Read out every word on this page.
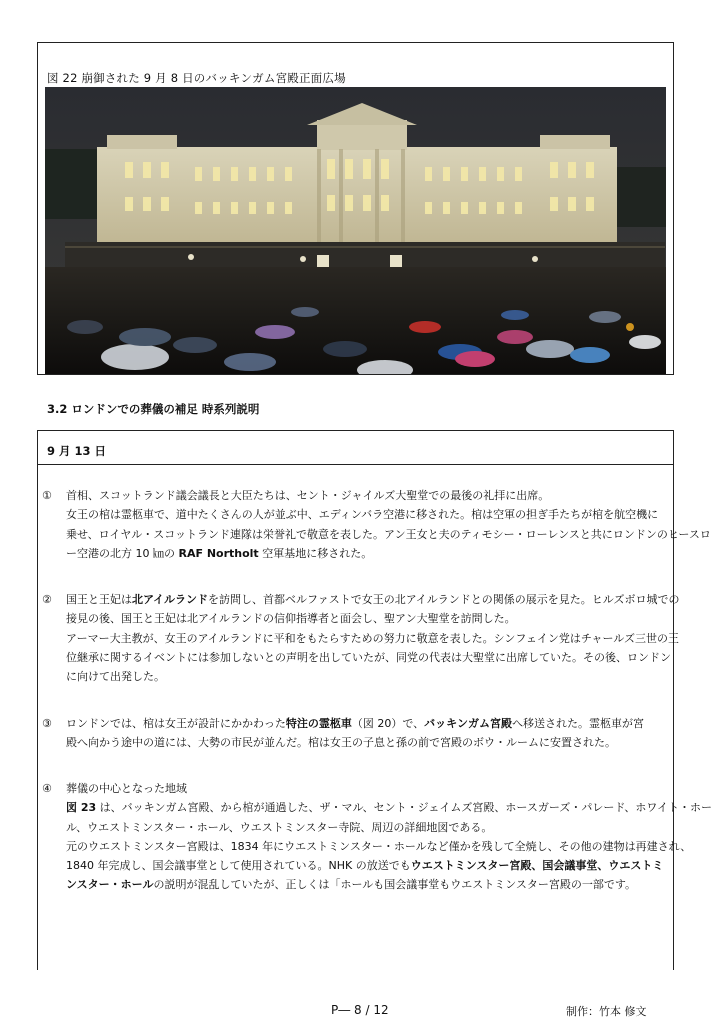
図 22 崩御された 9 月 8 日のバッキンガム宮殿正面広場
3.2 ロンドンでの葬儀の補足 時系列説明
9 月 13 日
① 首相、スコットランド議会議長と大臣たちは、セント・ジャイルズ大聖堂での最後の礼拝に出席。
女王の棺は霊柩車で、道中たくさんの人が並ぶ中、エディンバラ空港に移された。棺は空軍の担ぎ手たちが棺を航空機に
乗せ、ロイヤル・スコットランド連隊は栄誉礼で敬意を表した。アン王女と夫のティモシー・ローレンスと共にロンドンのヒースロ
ー空港の北方 10 ㎞の RAF Northolt 空軍基地に移された。
② 国王と王妃は北アイルランドを訪問し、首都ベルファストで女王の北アイルランドとの関係の展示を見た。ヒルズボロ城での
接見の後、国王と王妃は北アイルランドの信仰指導者と面会し、聖アン大聖堂を訪問した。
アーマー大主教が、女王のアイルランドに平和をもたらすための努力に敬意を表した。シンフェイン党はチャールズ三世の王
位継承に関するイベントには参加しないとの声明を出していたが、同党の代表は大聖堂に出席していた。その後、ロンドン
に向けて出発した。
③ ロンドンでは、棺は女王が設計にかかわった特注の霊柩車（図 20）で、バッキンガム宮殿へ移送された。霊柩車が宮
殿へ向かう途中の道には、大勢の市民が並んだ。棺は女王の子息と孫の前で宮殿のボウ・ルームに安置された。
④ 葬儀の中心となった地域
図 23 は、バッキンガム宮殿、から棺が通過した、ザ・マル、セント・ジェイムズ宮殿、ホースガーズ・パレード、ホワイト・ホー
ル、ウエストミンスター・ホール、ウエストミンスター寺院、周辺の詳細地図である。
元のウエストミンスター宮殿は、1834 年にウエストミンスター・ホールなど僅かを残して全焼し、その他の建物は再建され、
1840 年完成し、国会議事堂として使用されている。NHK の放送でもウエストミンスター宮殿、国会議事堂、ウエストミ
ンスター・ホールの説明が混乱していたが、正しくは「ホールも国会議事堂もウエストミンスター宮殿の一部です。
P― 8 / 12	制作：竹本 修文
